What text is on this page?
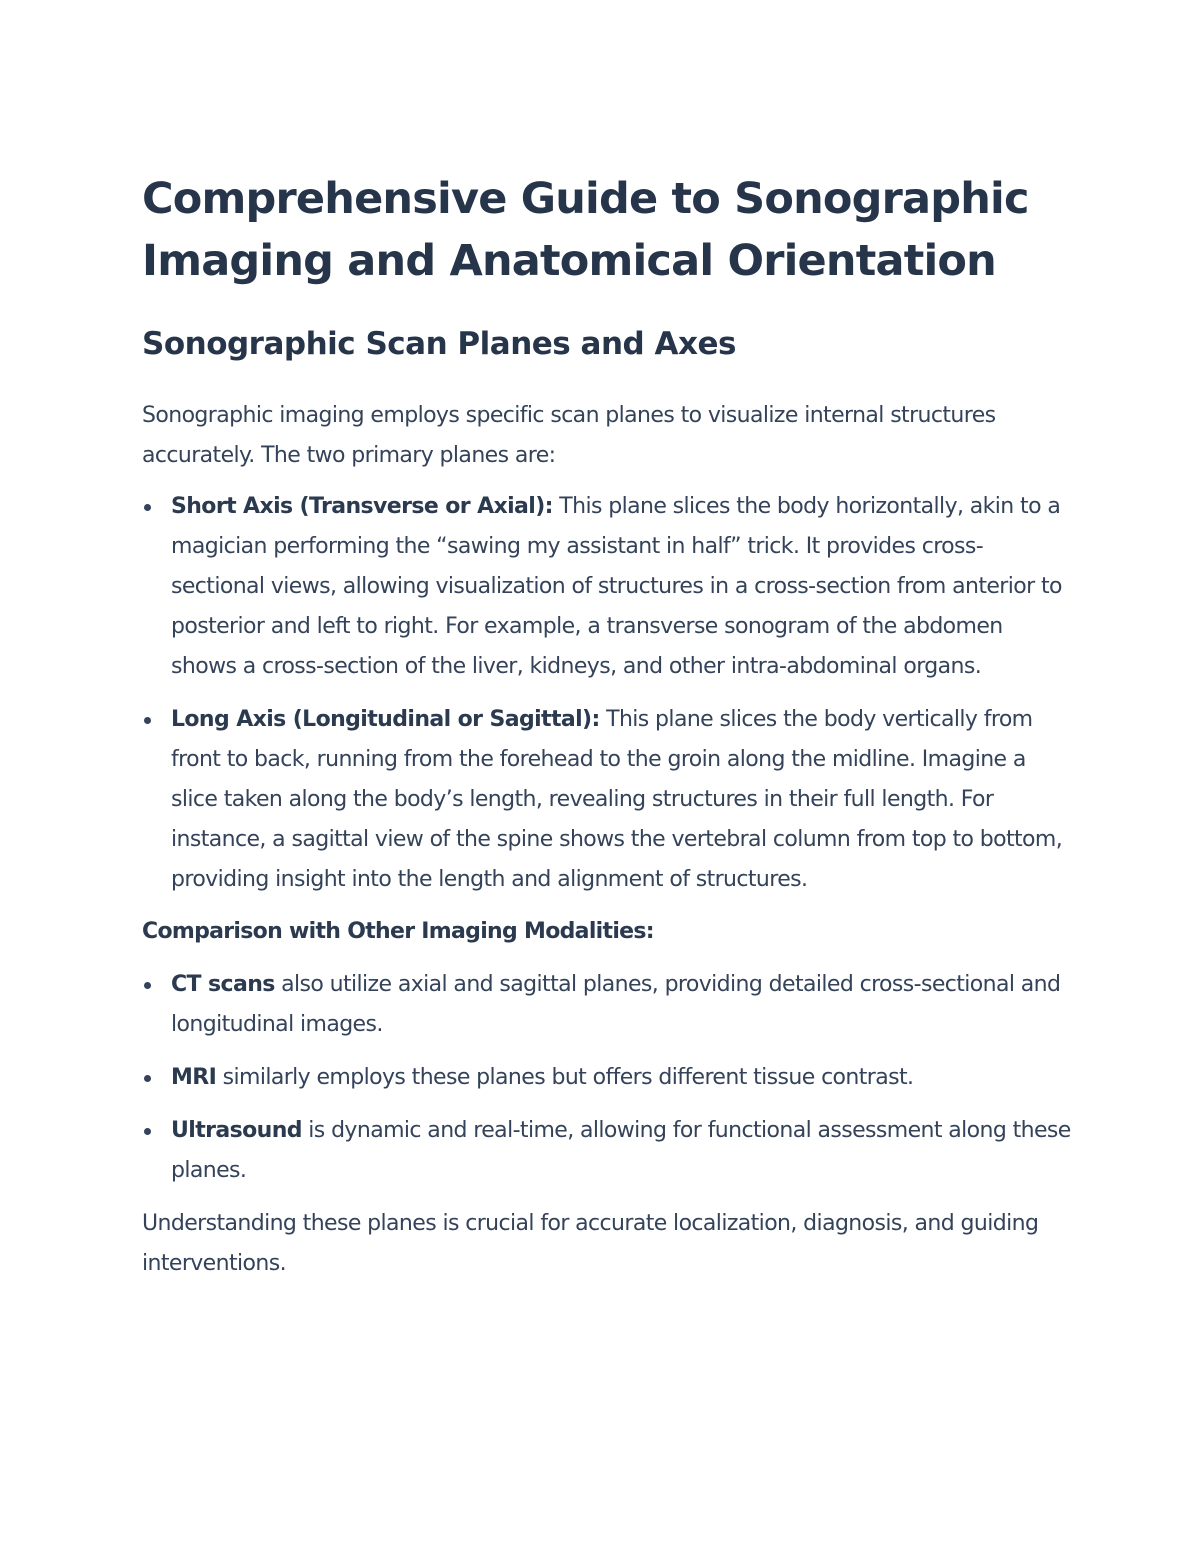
Comprehensive Guide to Sonographic Imaging and Anatomical Orientation
Sonographic Scan Planes and Axes

Sonographic imaging employs specific scan planes to visualize internal structures accurately. The two primary planes are:

Short Axis (Transverse or Axial): This plane slices the body horizontally, akin to a magician performing the “sawing my assistant in half” trick. It provides cross-sectional views, allowing visualization of structures in a cross-section from anterior to posterior and left to right. For example, a transverse sonogram of the abdomen shows a cross-section of the liver, kidneys, and other intra-abdominal organs.
Long Axis (Longitudinal or Sagittal): This plane slices the body vertically from front to back, running from the forehead to the groin along the midline. Imagine a slice taken along the body’s length, revealing structures in their full length. For instance, a sagittal view of the spine shows the vertebral column from top to bottom, providing insight into the length and alignment of structures.

Comparison with Other Imaging Modalities:

CT scans also utilize axial and sagittal planes, providing detailed cross-sectional and longitudinal images.
MRI similarly employs these planes but offers different tissue contrast.
Ultrasound is dynamic and real-time, allowing for functional assessment along these planes.

Understanding these planes is crucial for accurate localization, diagnosis, and guiding interventions.
